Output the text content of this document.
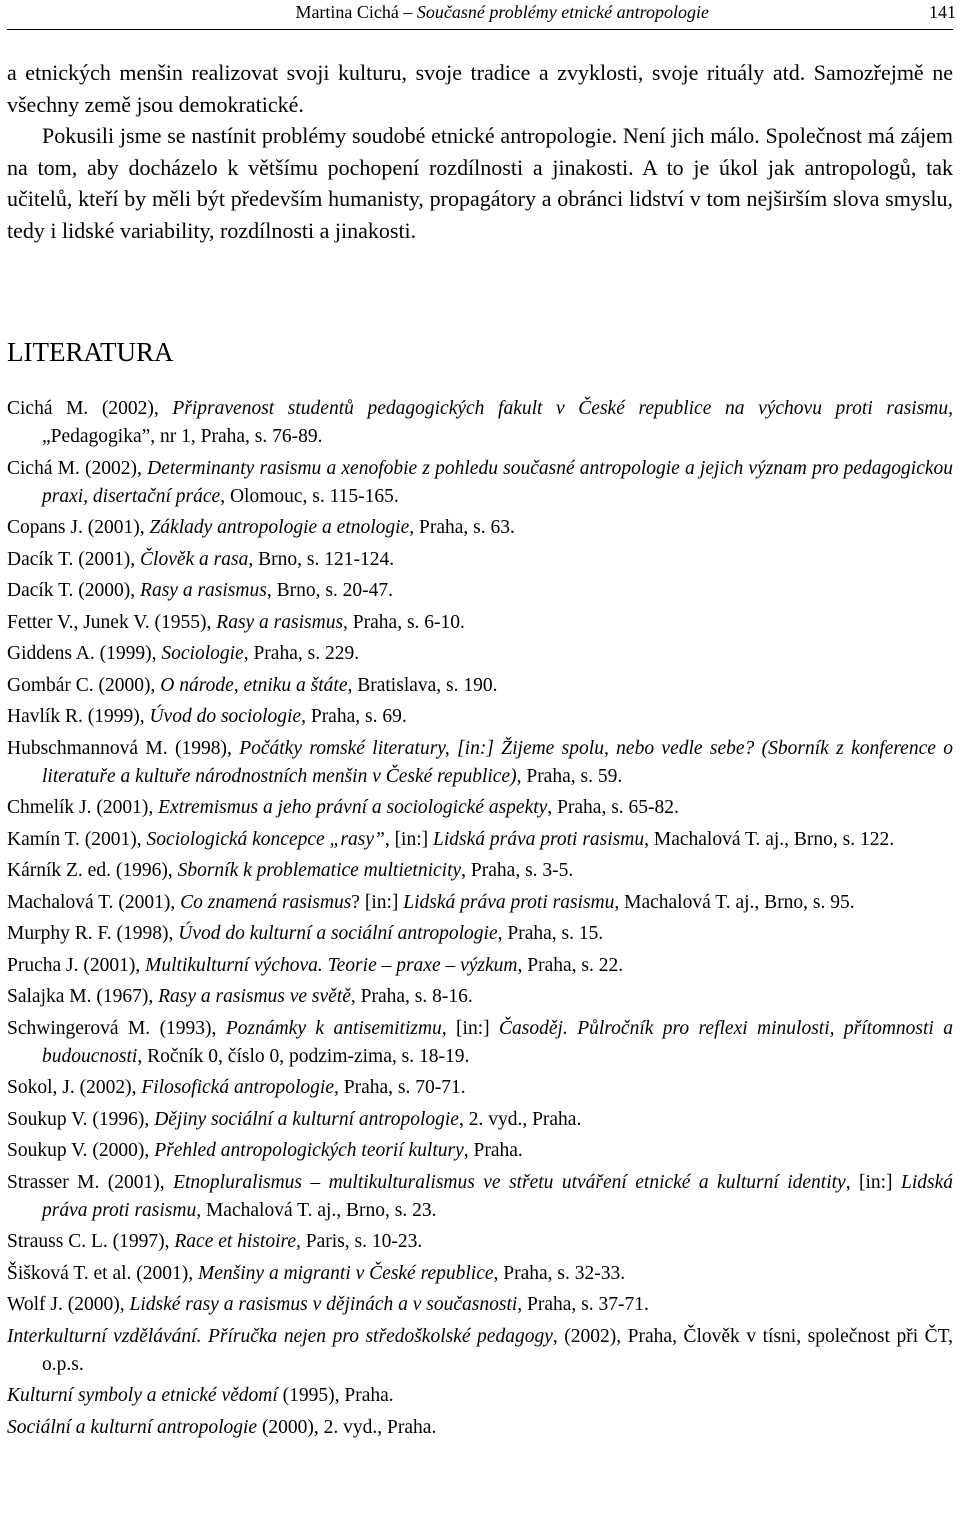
Martina Cichá – Současné problémy etnické antropologie	141

a etnických menšin realizovat svoji kulturu, svoje tradice a zvyklosti, svoje rituály atd. Samozřejmě ne všechny země jsou demokratické.

Pokusili jsme se nastínit problémy soudobé etnické antropologie. Není jich málo. Společnost má zájem na tom, aby docházelo k většímu pochopení rozdílnosti a jinakosti. A to je úkol jak antropologů, tak učitelů, kteří by měli být především humanisty, propagátory a obránci lidství v tom nejširším slova smyslu, tedy i lidské variability, rozdílnosti a jinakosti.

LITERATURA
Cichá M. (2002), Připravenost studentů pedagogických fakult v České republice na výchovu proti rasismu, „Pedagogika”, nr 1, Praha, s. 76-89.
Cichá M. (2002), Determinanty rasismu a xenofobie z pohledu současné antropologie a jejich význam pro pedagogickou praxi, disertační práce, Olomouc, s. 115-165.
Copans J. (2001), Základy antropologie a etnologie, Praha, s. 63.
Dacík T. (2001), Člověk a rasa, Brno, s. 121-124.
Dacík T. (2000), Rasy a rasismus, Brno, s. 20-47.
Fetter V., Junek V. (1955), Rasy a rasismus, Praha, s. 6-10.
Giddens A. (1999), Sociologie, Praha, s. 229.
Gombár C. (2000), O národe, etniku a štáte, Bratislava, s. 190.
Havlík R. (1999), Úvod do sociologie, Praha, s. 69.
Hubschmannová M. (1998), Počátky romské literatury, [in:] Žijeme spolu, nebo vedle sebe? (Sborník z konference o literatuře a kultuře národnostních menšin v České republice), Praha, s. 59.
Chmelík J. (2001), Extremismus a jeho právní a sociologické aspekty, Praha, s. 65-82.
Kamín T. (2001), Sociologická koncepce „rasy”, [in:] Lidská práva proti rasismu, Machalová T. aj., Brno, s. 122.
Kárník Z. ed. (1996), Sborník k problematice multietnicity, Praha, s. 3-5.
Machalová T. (2001), Co znamená rasismus? [in:] Lidská práva proti rasismu, Machalová T. aj., Brno, s. 95.
Murphy R. F. (1998), Úvod do kulturní a sociální antropologie, Praha, s. 15.
Prucha J. (2001), Multikulturní výchova. Teorie – praxe – výzkum, Praha, s. 22.
Salajka M. (1967), Rasy a rasismus ve světě, Praha, s. 8-16.
Schwingerová M. (1993), Poznámky k antisemitizmu, [in:] Časoděj. Půlročník pro reflexi minulosti, přítomnosti a budoucnosti, Ročník 0, číslo 0, podzim-zima, s. 18-19.
Sokol, J. (2002), Filosofická antropologie, Praha, s. 70-71.
Soukup V. (1996), Dějiny sociální a kulturní antropologie, 2. vyd., Praha.
Soukup V. (2000), Přehled antropologických teorií kultury, Praha.
Strasser M. (2001), Etnopluralismus – multikulturalismus ve střetu utváření etnické a kulturní identity, [in:] Lidská práva proti rasismu, Machalová T. aj., Brno, s. 23.
Strauss C. L. (1997), Race et histoire, Paris, s. 10-23.
Šišková T. et al. (2001), Menšiny a migranti v České republice, Praha, s. 32-33.
Wolf J. (2000), Lidské rasy a rasismus v dějinách a v současnosti, Praha, s. 37-71.
Interkulturní vzdělávání. Příručka nejen pro středoškolské pedagogy, (2002), Praha, Člověk v tísni, společnost při ČT, o.p.s.
Kulturní symboly a etnické vědomí (1995), Praha.
Sociální a kulturní antropologie (2000), 2. vyd., Praha.
